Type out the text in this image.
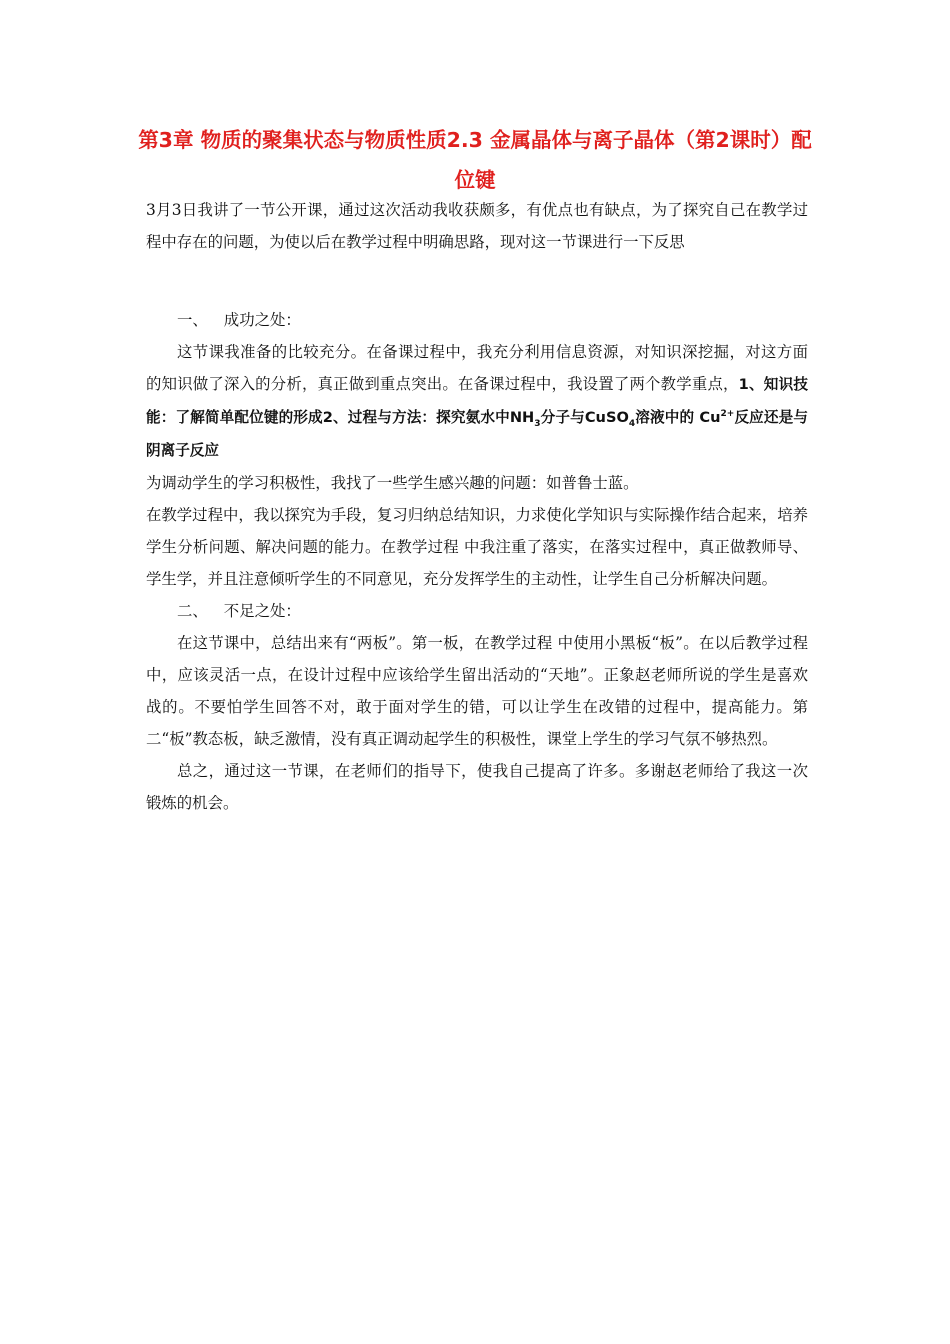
第3章 物质的聚集状态与物质性质2.3 金属晶体与离子晶体（第2课时）配位键

3月3日我讲了一节公开课，通过这次活动我收获颇多，有优点也有缺点，为了探究自己在教学过程中存在的问题，为使以后在教学过程中明确思路，现对这一节课进行一下反思

一、 成功之处：

这节课我准备的比较充分。在备课过程中，我充分利用信息资源，对知识深挖掘，对这方面的知识做了深入的分析，真正做到重点突出。在备课过程中，我设置了两个教学重点，1、知识技能：了解简单配位键的形成2、过程与方法：探究氨水中$NH_3$分子与CuSO$_4$溶液中的 $Cu^{2+}$反应还是与阴离子反应

为调动学生的学习积极性，我找了一些学生感兴趣的问题：如普鲁士蓝。

在教学过程中，我以探究为手段，复习归纳总结知识，力求使化学知识与实际操作结合起来，培养学生分析问题、解决问题的能力。在教学过程 中我注重了落实，在落实过程中，真正做教师导、学生学，并且注意倾听学生的不同意见，充分发挥学生的主动性，让学生自己分析解决问题。

二、 不足之处：

在这节课中，总结出来有“两板”。第一板，在教学过程 中使用小黑板“板”。在以后教学过程中，应该灵活一点，在设计过程中应该给学生留出活动的“天地”。正象赵老师所说的学生是喜欢战的。不要怕学生回答不对，敢于面对学生的错，可以让学生在改错的过程中，提高能力。第二“板”教态板，缺乏激情，没有真正调动起学生的积极性，课堂上学生的学习气氛不够热烈。

总之，通过这一节课，在老师们的指导下，使我自己提高了许多。多谢赵老师给了我这一次锻炼的机会。
